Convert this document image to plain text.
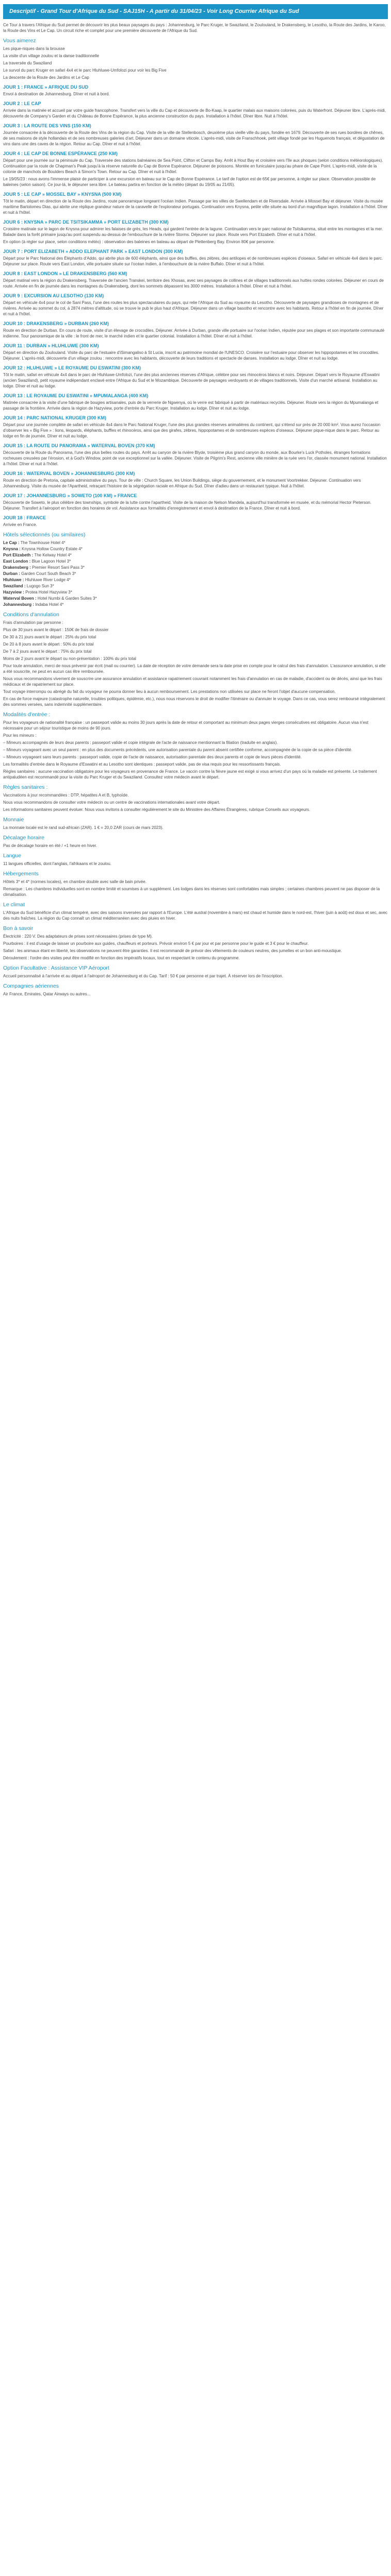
Descriptif - Grand Tour d'Afrique du Sud - SAJ15H - A partir du 31/04/23 - Voir Long Courrier Afrique du Sud

Ce Tour à travers l'Afrique du Sud permet de découvrir les plus beaux paysages du pays : Johannesburg, le Parc Kruger, le Swaziland, le Zoulouland, le Drakensberg, le Lesotho, la Route des Jardins, le Karoo, la Route des Vins et Le Cap. Un circuit riche et complet pour une première découverte de l'Afrique du Sud.

Vous aimerez

Les pique-niques dans la brousse

La visite d'un village zoulou et la danse traditionnelle

La traversée du Swaziland

Le survol du parc Kruger en safari 4x4 et le parc Hluhluwe-Umfolozi pour voir les Big Five

La descente de la Route des Jardins et Le Cap

JOUR 1 : FRANCE » AFRIQUE DU SUD

Envol à destination de Johannesburg. Dîner et nuit à bord.

JOUR 2 : LE CAP

Arrivée dans la matinée et accueil par votre guide francophone. Transfert vers la ville du Cap et découverte de Bo-Kaap, le quartier malais aux maisons colorées, puis du Waterfront. Déjeuner libre. L'après-midi, découverte de Company's Garden et du Château de Bonne Espérance, la plus ancienne construction du pays. Installation à l'hôtel. Dîner libre. Nuit à l'hôtel.

JOUR 3 : LA ROUTE DES VINS (150 KM)

Journée consacrée à la découverte de la Route des Vins de la région du Cap. Visite de la ville de Stellenbosch, deuxième plus vieille ville du pays, fondée en 1679. Découverte de ses rues bordées de chênes, de ses maisons de style hollandais et de ses nombreuses galeries d'art. Déjeuner dans un domaine viticole. L'après-midi, visite de Franschhoek, petit village fondé par les Huguenots français, et dégustation de vins dans une des caves de la région. Retour au Cap. Dîner et nuit à l'hôtel.

JOUR 4 : LE CAP DE BONNE ESPÉRANCE (250 KM)

Départ pour une journée sur la péninsule du Cap. Traversée des stations balnéaires de Sea Point, Clifton et Camps Bay. Arrêt à Hout Bay et croisière vers l'île aux phoques (selon conditions météorologiques). Continuation par la route de Chapman's Peak jusqu'à la réserve naturelle du Cap de Bonne Espérance. Déjeuner de poissons. Montée en funiculaire jusqu'au phare de Cape Point. L'après-midi, visite de la colonie de manchots de Boulders Beach à Simon's Town. Retour au Cap. Dîner et nuit à l'hôtel.

Le 19/05/23 : nous avons l'immense plaisir de participer à une excursion en bateau sur le Cap de Bonne Espérance. Le tarif de l'option est de 65€ par personne, à régler sur place. Observation possible de baleines (selon saison). Ce jour-là, le déjeuner sera libre. Le bateau partira en fonction de la météo (départ du 19/05 au 21/05).

JOUR 5 : LE CAP » MOSSEL BAY » KNYSNA (500 KM)

Tôt le matin, départ en direction de la Route des Jardins, route panoramique longeant l'océan Indien. Passage par les villes de Swellendam et de Riversdale. Arrivée à Mossel Bay et déjeuner. Visite du musée maritime Bartolomeu Dias, qui abrite une réplique grandeur nature de la caravelle de l'explorateur portugais. Continuation vers Knysna, petite ville située au bord d'un magnifique lagon. Installation à l'hôtel. Dîner et nuit à l'hôtel.

JOUR 6 : KNYSNA » PARC DE TSITSIKAMMA » PORT ELIZABETH (300 KM)

Croisière matinale sur le lagon de Knysna pour admirer les falaises de grès, les Heads, qui gardent l'entrée de la lagune. Continuation vers le parc national de Tsitsikamma, situé entre les montagnes et la mer. Balade dans la forêt primaire jusqu'au pont suspendu au-dessus de l'embouchure de la rivière Storms. Déjeuner sur place. Route vers Port Elizabeth. Dîner et nuit à l'hôtel.

En option (à régler sur place, selon conditions météo) : observation des baleines en bateau au départ de Plettenberg Bay. Environ 80€ par personne.

JOUR 7 : PORT ELIZABETH » ADDO ELEPHANT PARK » EAST LONDON (300 KM)

Départ pour le Parc National des Éléphants d'Addo, qui abrite plus de 600 éléphants, ainsi que des buffles, des zèbres, des antilopes et de nombreuses espèces d'oiseaux. Safari en véhicule 4x4 dans le parc. Déjeuner sur place. Route vers East London, ville portuaire située sur l'océan Indien, à l'embouchure de la rivière Buffalo. Dîner et nuit à l'hôtel.

JOUR 8 : EAST LONDON » LE DRAKENSBERG (560 KM)

Départ matinal vers la région du Drakensberg. Traversée de l'ancien Transkei, territoire des Xhosas, avec ses paysages de collines et de villages traditionnels aux huttes rondes colorées. Déjeuner en cours de route. Arrivée en fin de journée dans les montagnes du Drakensberg, dont les sommets dépassent les 3000 mètres. Installation à l'hôtel. Dîner et nuit à l'hôtel.

JOUR 9 : EXCURSION AU LESOTHO (130 KM)

Départ en véhicule 4x4 pour le col de Sani Pass, l'une des routes les plus spectaculaires du pays, qui relie l'Afrique du Sud au royaume du Lesotho. Découverte de paysages grandioses de montagnes et de rivières. Arrivée au sommet du col, à 2874 mètres d'altitude, où se trouve le pub le plus haut d'Afrique. Déjeuner dans un village basotho et rencontre avec les habitants. Retour à l'hôtel en fin de journée. Dîner et nuit à l'hôtel.

JOUR 10 : DRAKENSBERG » DURBAN (260 KM)

Route en direction de Durban. En cours de route, visite d'un élevage de crocodiles. Déjeuner. Arrivée à Durban, grande ville portuaire sur l'océan Indien, réputée pour ses plages et son importante communauté indienne. Tour panoramique de la ville : le front de mer, le marché indien et le quartier colonial. Installation à l'hôtel. Dîner et nuit à l'hôtel.

JOUR 11 : DURBAN » HLUHLUWE (300 KM)

Départ en direction du Zoulouland. Visite du parc de l'estuaire d'iSimangaliso à St Lucia, inscrit au patrimoine mondial de l'UNESCO. Croisière sur l'estuaire pour observer les hippopotames et les crocodiles. Déjeuner. L'après-midi, découverte d'un village zoulou : rencontre avec les habitants, découverte de leurs traditions et spectacle de danses. Installation au lodge. Dîner et nuit au lodge.

JOUR 12 : HLUHLUWE » LE ROYAUME DU ESWATINI (300 KM)

Tôt le matin, safari en véhicule 4x4 dans le parc de Hluhluwe-Umfolozi, l'une des plus anciennes réserves d'Afrique, célèbre pour ses rhinocéros blancs et noirs. Déjeuner. Départ vers le Royaume d'Eswatini (ancien Swaziland), petit royaume indépendant enclavé entre l'Afrique du Sud et le Mozambique. Découverte de paysages verdoyants et de villages traditionnels. Visite d'un marché artisanal. Installation au lodge. Dîner et nuit au lodge.

JOUR 13 : LE ROYAUME DU ESWATINI » MPUMALANGA (400 KM)

Matinée consacrée à la visite d'une fabrique de bougies artisanales, puis de la verrerie de Ngwenya, où le verre est fabriqué à partir de matériaux recyclés. Déjeuner. Route vers la région du Mpumalanga et passage de la frontière. Arrivée dans la région de Hazyview, porte d'entrée du Parc Kruger. Installation au lodge. Dîner et nuit au lodge.

JOUR 14 : PARC NATIONAL KRUGER (300 KM)

Départ pour une journée complète de safari en véhicule 4x4 dans le Parc National Kruger, l'une des plus grandes réserves animalières du continent, qui s'étend sur près de 20 000 km². Vous aurez l'occasion d'observer les « Big Five » : lions, léopards, éléphants, buffles et rhinocéros, ainsi que des girafes, zèbres, hippopotames et de nombreuses espèces d'oiseaux. Déjeuner pique-nique dans le parc. Retour au lodge en fin de journée. Dîner et nuit au lodge.

JOUR 15 : LA ROUTE DU PANORAMA » WATERVAL BOVEN (370 KM)

Découverte de la Route du Panorama, l'une des plus belles routes du pays. Arrêt au canyon de la rivière Blyde, troisième plus grand canyon du monde, aux Bourke's Luck Potholes, étranges formations rocheuses creusées par l'érosion, et à God's Window, point de vue exceptionnel sur la vallée. Déjeuner. Visite de Pilgrim's Rest, ancienne ville minière de la ruée vers l'or, classée monument national. Installation à l'hôtel. Dîner et nuit à l'hôtel.

JOUR 16 : WATERVAL BOVEN » JOHANNESBURG (300 KM)

Route en direction de Pretoria, capitale administrative du pays. Tour de ville : Church Square, les Union Buildings, siège du gouvernement, et le monument Voortrekker. Déjeuner. Continuation vers Johannesburg. Visite du musée de l'Apartheid, retraçant l'histoire de la ségrégation raciale en Afrique du Sud. Dîner d'adieu dans un restaurant typique. Nuit à l'hôtel.

JOUR 17 : JOHANNESBURG » SOWETO (100 KM) » FRANCE

Découverte de Soweto, le plus célèbre des townships, symbole de la lutte contre l'apartheid. Visite de la maison de Nelson Mandela, aujourd'hui transformée en musée, et du mémorial Hector Pieterson. Déjeuner. Transfert à l'aéroport en fonction des horaires de vol. Assistance aux formalités d'enregistrement et envol à destination de la France. Dîner et nuit à bord.

JOUR 18 : FRANCE

Arrivée en France.

Hôtels sélectionnés (ou similaires)

Le Cap : The Townhouse Hotel 4*

Knysna : Knysna Hollow Country Estate 4*

Port Elizabeth : The Kelway Hotel 4*

East London : Blue Lagoon Hotel 3*

Drakensberg : Premier Resort Sani Pass 3*

Durban : Garden Court South Beach 3*

Hluhluwe : Hluhluwe River Lodge 4*

Swaziland : Lugogo Sun 3*

Hazyview : Protea Hotel Hazyview 3*

Waterval Boven : Hotel Numbi & Garden Suites 3*

Johannesburg : Indaba Hotel 4*

Conditions d'annulation

Frais d'annulation par personne :

Plus de 30 jours avant le départ : 150€ de frais de dossier

De 30 à 21 jours avant le départ : 25% du prix total

De 20 à 8 jours avant le départ : 50% du prix total

De 7 à 2 jours avant le départ : 75% du prix total

Moins de 2 jours avant le départ ou non-présentation : 100% du prix total

Pour toute annulation, merci de nous prévenir par écrit (mail ou courrier). La date de réception de votre demande sera la date prise en compte pour le calcul des frais d'annulation. L'assurance annulation, si elle a été souscrite, ne peut en aucun cas être remboursée.

Nous vous recommandons vivement de souscrire une assurance annulation et assistance rapatriement couvrant notamment les frais d'annulation en cas de maladie, d'accident ou de décès, ainsi que les frais médicaux et de rapatriement sur place.

Tout voyage interrompu ou abrégé du fait du voyageur ne pourra donner lieu à aucun remboursement. Les prestations non utilisées sur place ne feront l'objet d'aucune compensation.

En cas de force majeure (catastrophe naturelle, troubles politiques, épidémie, etc.), nous nous réservons le droit de modifier l'itinéraire ou d'annuler le voyage. Dans ce cas, vous serez remboursé intégralement des sommes versées, sans indemnité supplémentaire.

Modalités d'entrée :

Pour les voyageurs de nationalité française : un passeport valide au moins 30 jours après la date de retour et comportant au minimum deux pages vierges consécutives est obligatoire. Aucun visa n'est nécessaire pour un séjour touristique de moins de 90 jours.

Pour les mineurs :

– Mineurs accompagnés de leurs deux parents : passeport valide et copie intégrale de l'acte de naissance mentionnant la filiation (traduite en anglais).

– Mineurs voyageant avec un seul parent : en plus des documents précédents, une autorisation parentale du parent absent certifiée conforme, accompagnée de la copie de sa pièce d'identité.

– Mineurs voyageant sans leurs parents : passeport valide, copie de l'acte de naissance, autorisation parentale des deux parents et copie de leurs pièces d'identité.

Les formalités d'entrée dans le Royaume d'Eswatini et au Lesotho sont identiques : passeport valide, pas de visa requis pour les ressortissants français.

Règles sanitaires : aucune vaccination obligatoire pour les voyageurs en provenance de France. Le vaccin contre la fièvre jaune est exigé si vous arrivez d'un pays où la maladie est présente. Le traitement antipaludéen est recommandé pour la visite du Parc Kruger et du Swaziland. Consultez votre médecin avant le départ.

Règles sanitaires :

Vaccinations à jour recommandées : DTP, hépatites A et B, typhoïde.

Nous vous recommandons de consulter votre médecin ou un centre de vaccinations internationales avant votre départ.

Les informations sanitaires peuvent évoluer. Nous vous invitons à consulter régulièrement le site du Ministère des Affaires Étrangères, rubrique Conseils aux voyageurs.

Monnaie

La monnaie locale est le rand sud-africain (ZAR). 1 € = 20,0 ZAR (cours de mars 2023).

Décalage horaire

Pas de décalage horaire en été / +1 heure en hiver.

Langue

11 langues officielles, dont l'anglais, l'afrikaans et le zoulou.

Hébergements

Hôtels 3* et 4* (normes locales), en chambre double avec salle de bain privée.

Remarque : Les chambres individuelles sont en nombre limité et soumises à un supplément. Les lodges dans les réserves sont confortables mais simples ; certaines chambres peuvent ne pas disposer de la climatisation.

Le climat

L'Afrique du Sud bénéficie d'un climat tempéré, avec des saisons inversées par rapport à l'Europe. L'été austral (novembre à mars) est chaud et humide dans le nord-est, l'hiver (juin à août) est doux et sec, avec des nuits fraîches. La région du Cap connaît un climat méditerranéen avec des pluies en hiver.

Bon à savoir

Électricité : 220 V. Des adaptateurs de prises sont nécessaires (prises de type M).

Pourboires : il est d'usage de laisser un pourboire aux guides, chauffeurs et porteurs. Prévoir environ 5 € par jour et par personne pour le guide et 3 € pour le chauffeur.

Safari : les animaux étant en liberté, les observations ne peuvent être garanties. Il est recommandé de prévoir des vêtements de couleurs neutres, des jumelles et un bon anti-moustique.

Déroulement : l'ordre des visites peut être modifié en fonction des impératifs locaux, tout en respectant le contenu du programme.

Option Facultative : Assistance VIP Aéroport

Accueil personnalisé à l'arrivée et au départ à l'aéroport de Johannesburg et du Cap. Tarif : 50 € par personne et par trajet. À réserver lors de l'inscription.

Compagnies aériennes

Air France, Emirates, Qatar Airways ou autres...
